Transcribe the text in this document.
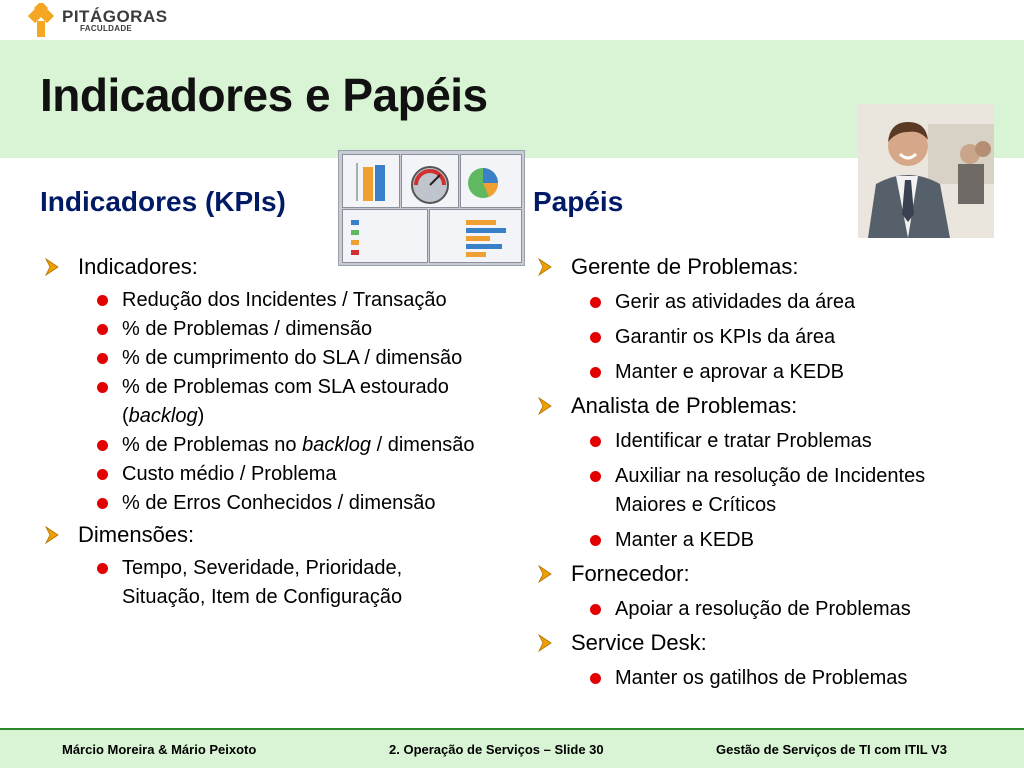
PITÁGORAS
FACULDADE
Indicadores e Papéis
Indicadores (KPIs)	Papéis
Indicadores:
Redução dos Incidentes / Transação
% de Problemas / dimensão
% de cumprimento do SLA / dimensão
% de Problemas com SLA estourado (backlog)
% de Problemas no backlog / dimensão
Custo médio / Problema
% de Erros Conhecidos / dimensão
Dimensões:
Tempo, Severidade, Prioridade, Situação, Item de Configuração
Gerente de Problemas:
Gerir as atividades da área
Garantir os KPIs da área
Manter e aprovar a KEDB
Analista de Problemas:
Identificar e tratar Problemas
Auxiliar na resolução de Incidentes Maiores e Críticos
Manter a KEDB
Fornecedor:
Apoiar a resolução de Problemas
Service Desk:
Manter os gatilhos de Problemas
Márcio Moreira & Mário Peixoto	2. Operação de Serviços – Slide 30	Gestão de Serviços de TI com ITIL V3
